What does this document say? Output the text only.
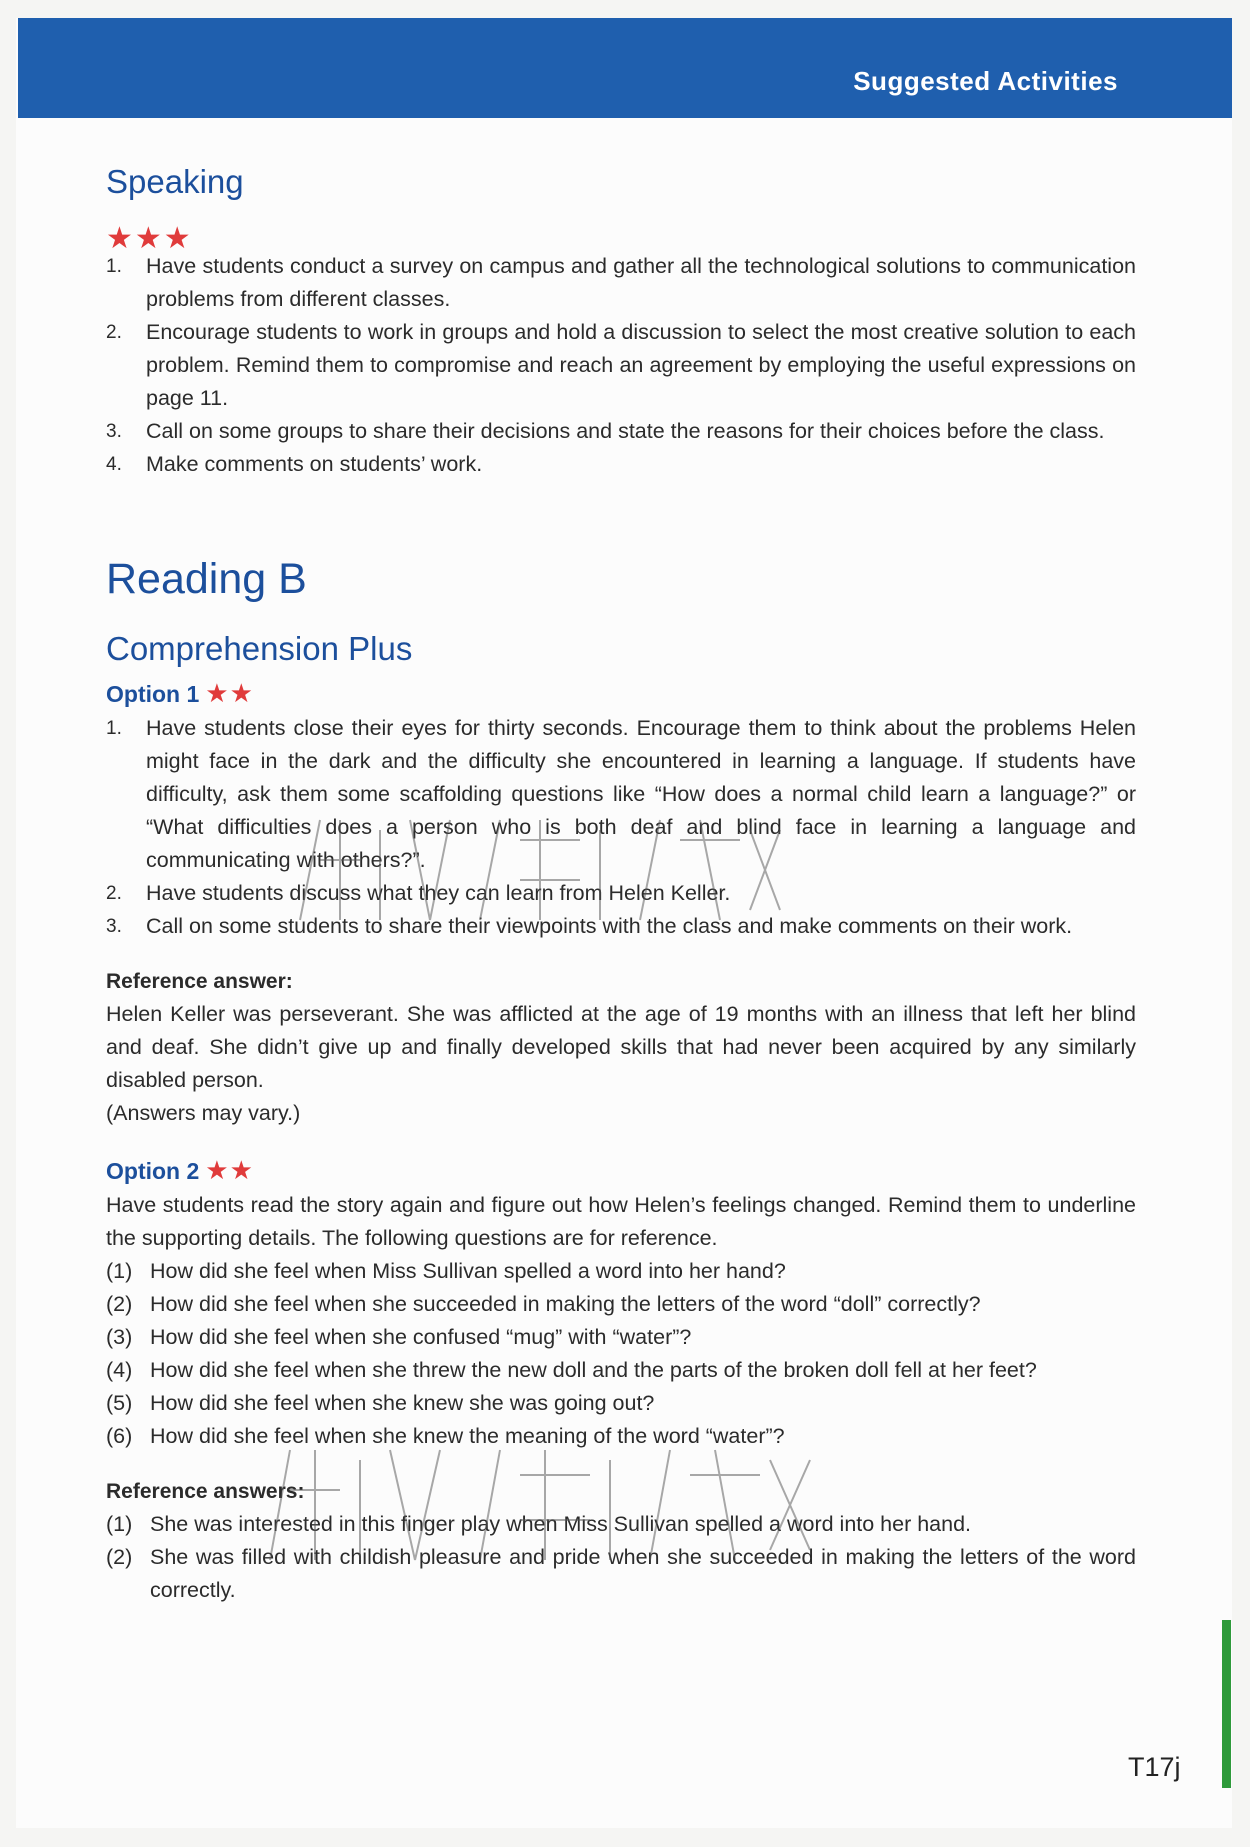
Suggested Activities
Speaking
★★★
1. Have students conduct a survey on campus and gather all the technological solutions to communication problems from different classes.
2. Encourage students to work in groups and hold a discussion to select the most creative solution to each problem. Remind them to compromise and reach an agreement by employing the useful expressions on page 11.
3. Call on some groups to share their decisions and state the reasons for their choices before the class.
4. Make comments on students’ work.
Reading B
Comprehension Plus
Option 1 ★★
1. Have students close their eyes for thirty seconds. Encourage them to think about the problems Helen might face in the dark and the difficulty she encountered in learning a language. If students have difficulty, ask them some scaffolding questions like “How does a normal child learn a language?” or “What difficulties does a person who is both deaf and blind face in learning a language and communicating with others?”.
2. Have students discuss what they can learn from Helen Keller.
3. Call on some students to share their viewpoints with the class and make comments on their work.
Reference answer:

Helen Keller was perseverant. She was afflicted at the age of 19 months with an illness that left her blind and deaf. She didn’t give up and finally developed skills that had never been acquired by any similarly disabled person.

(Answers may vary.)

Option 2 ★★

Have students read the story again and figure out how Helen’s feelings changed. Remind them to underline the supporting details. The following questions are for reference.

(1) How did she feel when Miss Sullivan spelled a word into her hand?
(2) How did she feel when she succeeded in making the letters of the word “doll” correctly?
(3) How did she feel when she confused “mug” with “water”?
(4) How did she feel when she threw the new doll and the parts of the broken doll fell at her feet?
(5) How did she feel when she knew she was going out?
(6) How did she feel when she knew the meaning of the word “water”?
Reference answers:
(1) She was interested in this finger play when Miss Sullivan spelled a word into her hand.
(2) She was filled with childish pleasure and pride when she succeeded in making the letters of the word correctly.
T17j
